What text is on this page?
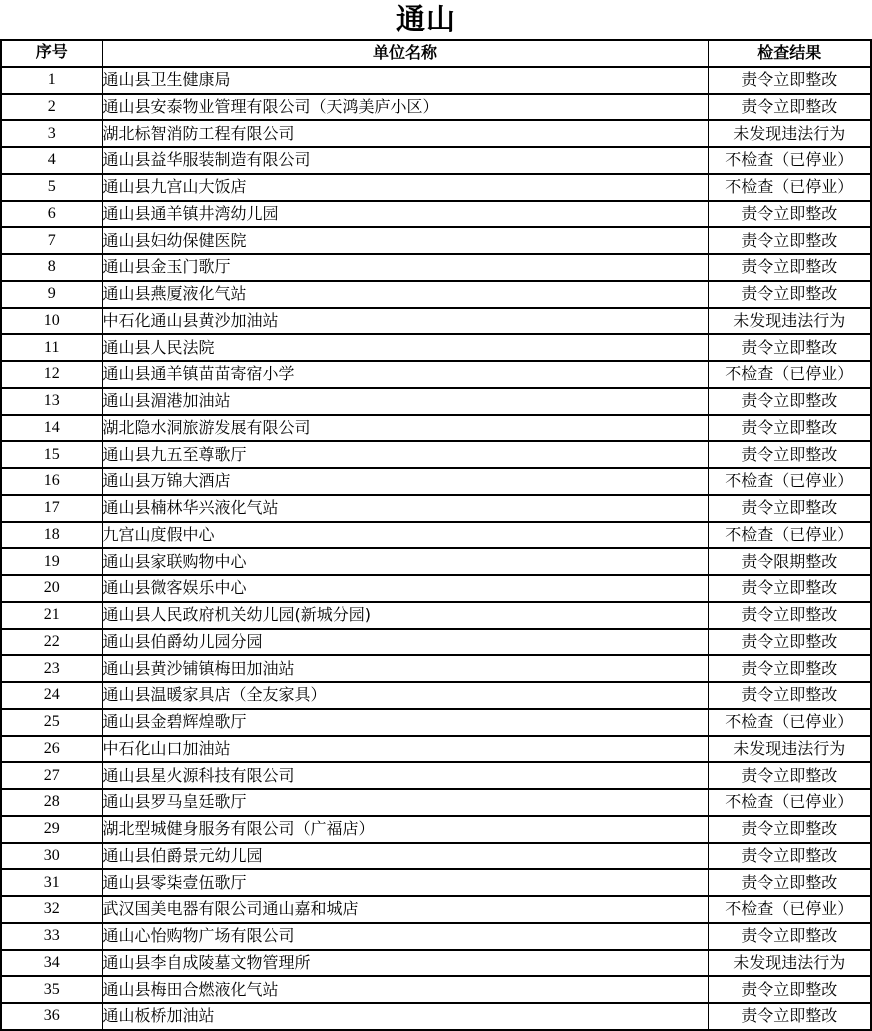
通山
序号	单位名称	检查结果
1	通山县卫生健康局	责令立即整改
2	通山县安泰物业管理有限公司（天鸿美庐小区）	责令立即整改
3	湖北标智消防工程有限公司	未发现违法行为
4	通山县益华服装制造有限公司	不检查（已停业）
5	通山县九宫山大饭店	不检查（已停业）
6	通山县通羊镇井湾幼儿园	责令立即整改
7	通山县妇幼保健医院	责令立即整改
8	通山县金玉门歌厅	责令立即整改
9	通山县燕厦液化气站	责令立即整改
10	中石化通山县黄沙加油站	未发现违法行为
11	通山县人民法院	责令立即整改
12	通山县通羊镇苗苗寄宿小学	不检查（已停业）
13	通山县湄港加油站	责令立即整改
14	湖北隐水洞旅游发展有限公司	责令立即整改
15	通山县九五至尊歌厅	责令立即整改
16	通山县万锦大酒店	不检查（已停业）
17	通山县楠林华兴液化气站	责令立即整改
18	九宫山度假中心	不检查（已停业）
19	通山县家联购物中心	责令限期整改
20	通山县微客娱乐中心	责令立即整改
21	通山县人民政府机关幼儿园(新城分园)	责令立即整改
22	通山县伯爵幼儿园分园	责令立即整改
23	通山县黄沙铺镇梅田加油站	责令立即整改
24	通山县温暖家具店（全友家具）	责令立即整改
25	通山县金碧辉煌歌厅	不检查（已停业）
26	中石化山口加油站	未发现违法行为
27	通山县星火源科技有限公司	责令立即整改
28	通山县罗马皇廷歌厅	不检查（已停业）
29	湖北型城健身服务有限公司（广福店）	责令立即整改
30	通山县伯爵景元幼儿园	责令立即整改
31	通山县零柒壹伍歌厅	责令立即整改
32	武汉国美电器有限公司通山嘉和城店	不检查（已停业）
33	通山心怡购物广场有限公司	责令立即整改
34	通山县李自成陵墓文物管理所	未发现违法行为
35	通山县梅田合燃液化气站	责令立即整改
36	通山板桥加油站	责令立即整改
